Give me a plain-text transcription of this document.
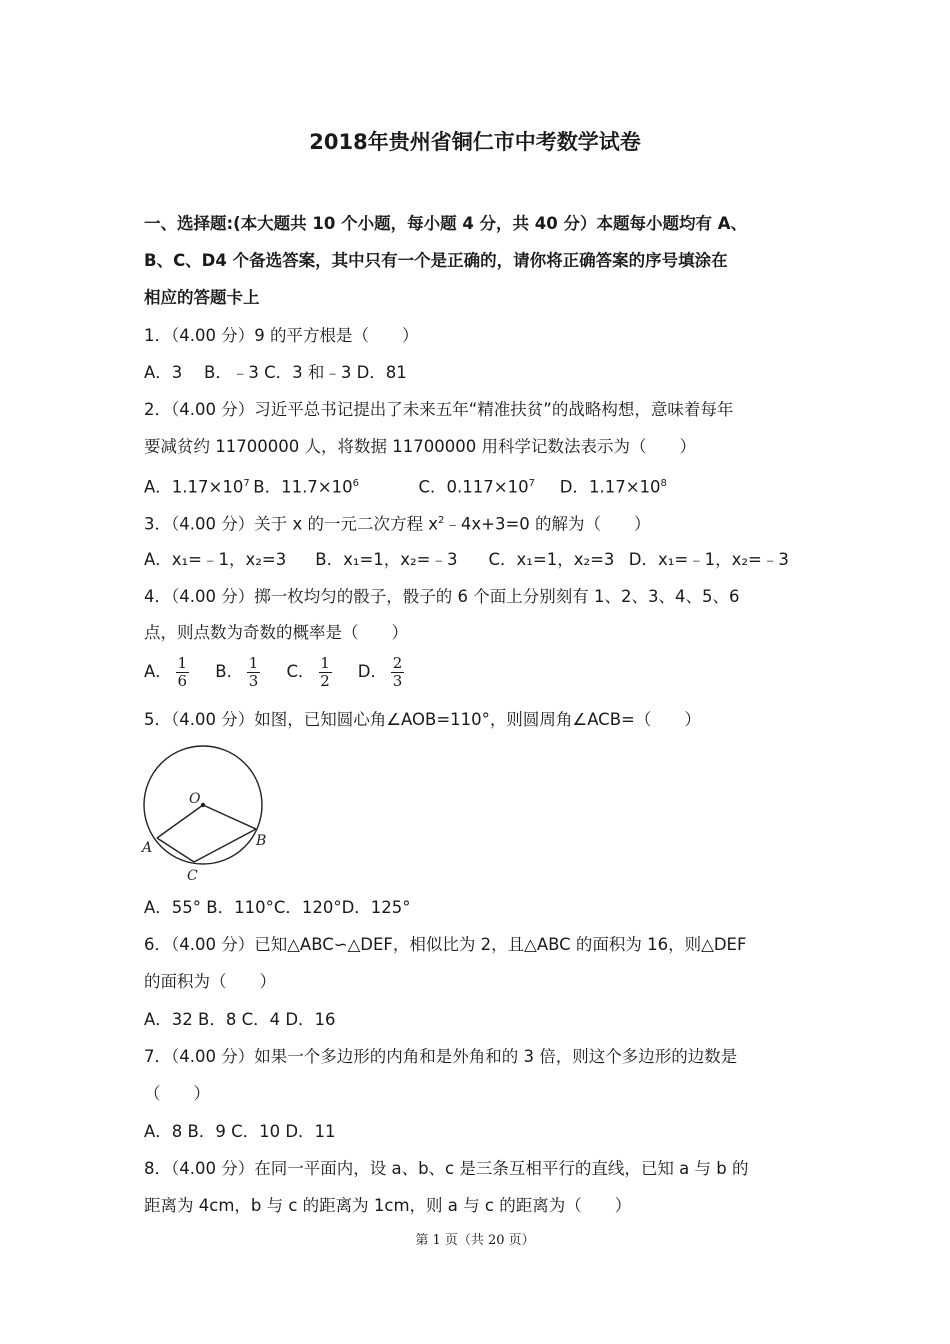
2018年贵州省铜仁市中考数学试卷
一、选择题:(本大题共 10 个小题，每小题 4 分，共 40 分）本题每小题均有 A、
B、C、D4 个备选答案，其中只有一个是正确的，请你将正确答案的序号填涂在
相应的答题卡上
1．（4.00 分）9 的平方根是（　　）
A．3　 B．﹣3 C．3 和﹣3 D．81
2．（4.00 分）习近平总书记提出了未来五年“精准扶贫”的战略构想，意味着每年
要减贫约 11700000 人，将数据 11700000 用科学记数法表示为（　　）
A．$1.17\times 10^7$ B．$11.7\times 10^6$	C．$0.117\times 10^7$ D．$1.17\times 10^8$
3．（4.00 分）关于 x 的一元二次方程 $x^2﹣4x+3=0$ 的解为（　　）
A．x₁=﹣1，x₂=3 B．x₁=1，x₂=﹣3 C．x₁=1，x₂=3 D．x₁=﹣1，x₂=﹣3
4．（4.00 分）掷一枚均匀的骰子，骰子的 6 个面上分别刻有 1、2、3、4、5、6
点，则点数为奇数的概率是（　　）
A． $\frac{1}{6}$ B． $\frac{1}{3}$ C． $\frac{1}{2}$ D． $\frac{2}{3}$
5．（4.00 分）如图，已知圆心角∠AOB=110°，则圆周角∠ACB=（　　）
O
A	B
C
A．55° B．110°C．120°D．125°
6．（4.00 分）已知△ABC∽△DEF，相似比为 2，且△ABC 的面积为 16，则△DEF
的面积为（　　）
A．32 B．8 C．4 D．16
7．（4.00 分）如果一个多边形的内角和是外角和的 3 倍，则这个多边形的边数是
（　　）
A．8 B．9 C．10 D．11
8．（4.00 分）在同一平面内，设 a、b、c 是三条互相平行的直线，已知 a 与 b 的
距离为 4cm，b 与 c 的距离为 1cm，则 a 与 c 的距离为（　　）
第 1 页（共 20 页）
